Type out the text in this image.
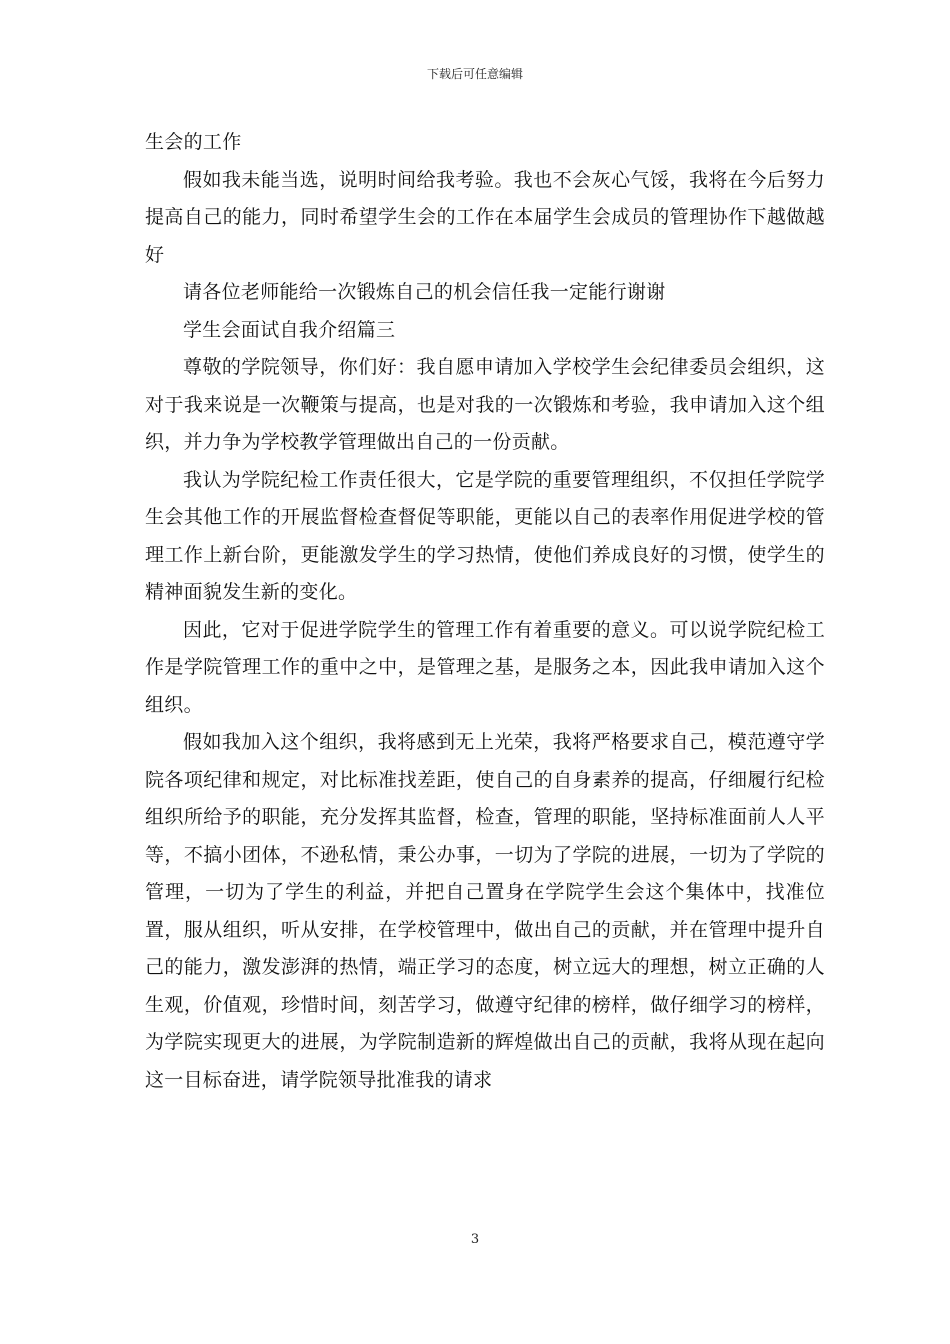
下载后可任意编辑

生会的工作

假如我未能当选，说明时间给我考验。我也不会灰心气馁，我将在今后努力提高自己的能力，同时希望学生会的工作在本届学生会成员的管理协作下越做越好

请各位老师能给一次锻炼自己的机会信任我一定能行谢谢

学生会面试自我介绍篇三

尊敬的学院领导，你们好：我自愿申请加入学校学生会纪律委员会组织，这对于我来说是一次鞭策与提高，也是对我的一次锻炼和考验，我申请加入这个组织，并力争为学校教学管理做出自己的一份贡献。

我认为学院纪检工作责任很大，它是学院的重要管理组织，不仅担任学院学生会其他工作的开展监督检查督促等职能，更能以自己的表率作用促进学校的管理工作上新台阶，更能激发学生的学习热情，使他们养成良好的习惯，使学生的精神面貌发生新的变化。

因此，它对于促进学院学生的管理工作有着重要的意义。可以说学院纪检工作是学院管理工作的重中之中，是管理之基，是服务之本，因此我申请加入这个组织。

假如我加入这个组织，我将感到无上光荣，我将严格要求自己，模范遵守学院各项纪律和规定，对比标准找差距，使自己的自身素养的提高，仔细履行纪检组织所给予的职能，充分发挥其监督，检查，管理的职能，坚持标准面前人人平等，不搞小团体，不逊私情，秉公办事，一切为了学院的进展，一切为了学院的管理，一切为了学生的利益，并把自己置身在学院学生会这个集体中，找准位置，服从组织，听从安排，在学校管理中，做出自己的贡献，并在管理中提升自己的能力，激发澎湃的热情，端正学习的态度，树立远大的理想，树立正确的人生观，价值观，珍惜时间，刻苦学习，做遵守纪律的榜样，做仔细学习的榜样，为学院实现更大的进展，为学院制造新的辉煌做出自己的贡献，我将从现在起向这一目标奋进，请学院领导批准我的请求

3
